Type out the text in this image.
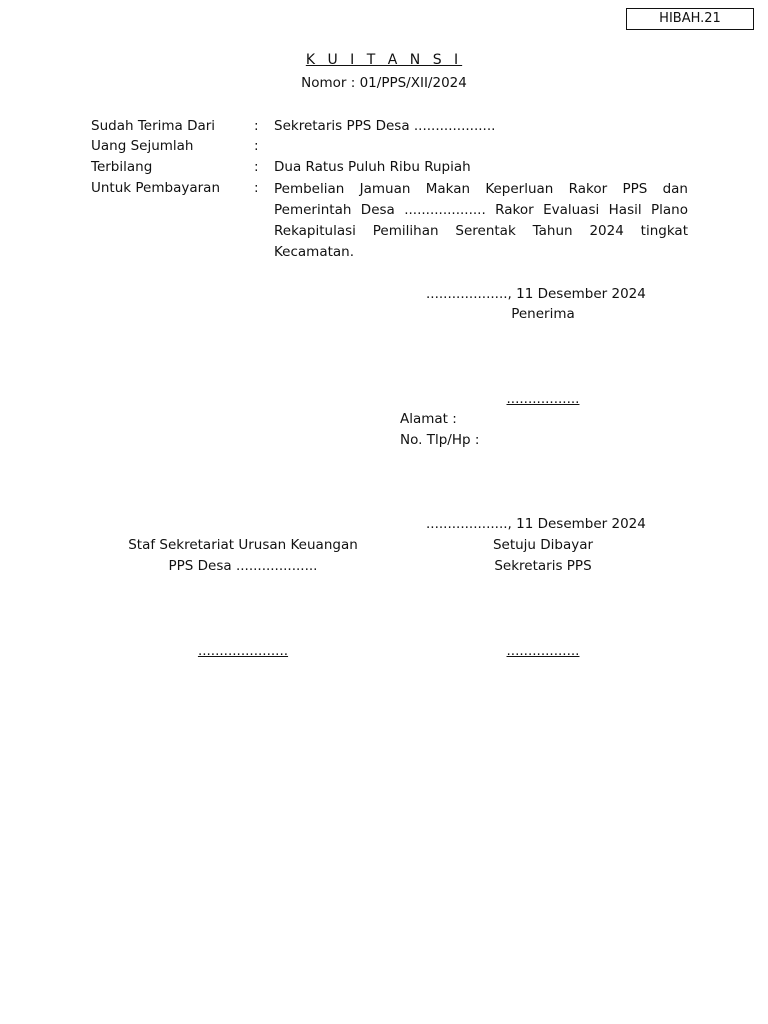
HIBAH.21
K U I T A N S I
Nomor : 01/PPS/XII/2024
Sudah Terima Dari	: Sekretaris PPS Desa ...................
Uang Sejumlah	:
Terbilang	: Dua Ratus Puluh Ribu Rupiah
Untuk Pembayaran	: Pembelian Jamuan Makan Keperluan Rakor PPS dan Pemerintah Desa ................... Rakor Evaluasi Hasil Plano Rekapitulasi Pemilihan Serentak Tahun 2024 tingkat Kecamatan.
..................., 11 Desember 2024
Penerima
.................
Alamat :
No. Tlp/Hp :
..................., 11 Desember 2024
Staf Sekretariat Urusan Keuangan
PPS Desa ...................
.....................
Setuju Dibayar
Sekretaris PPS
.................
